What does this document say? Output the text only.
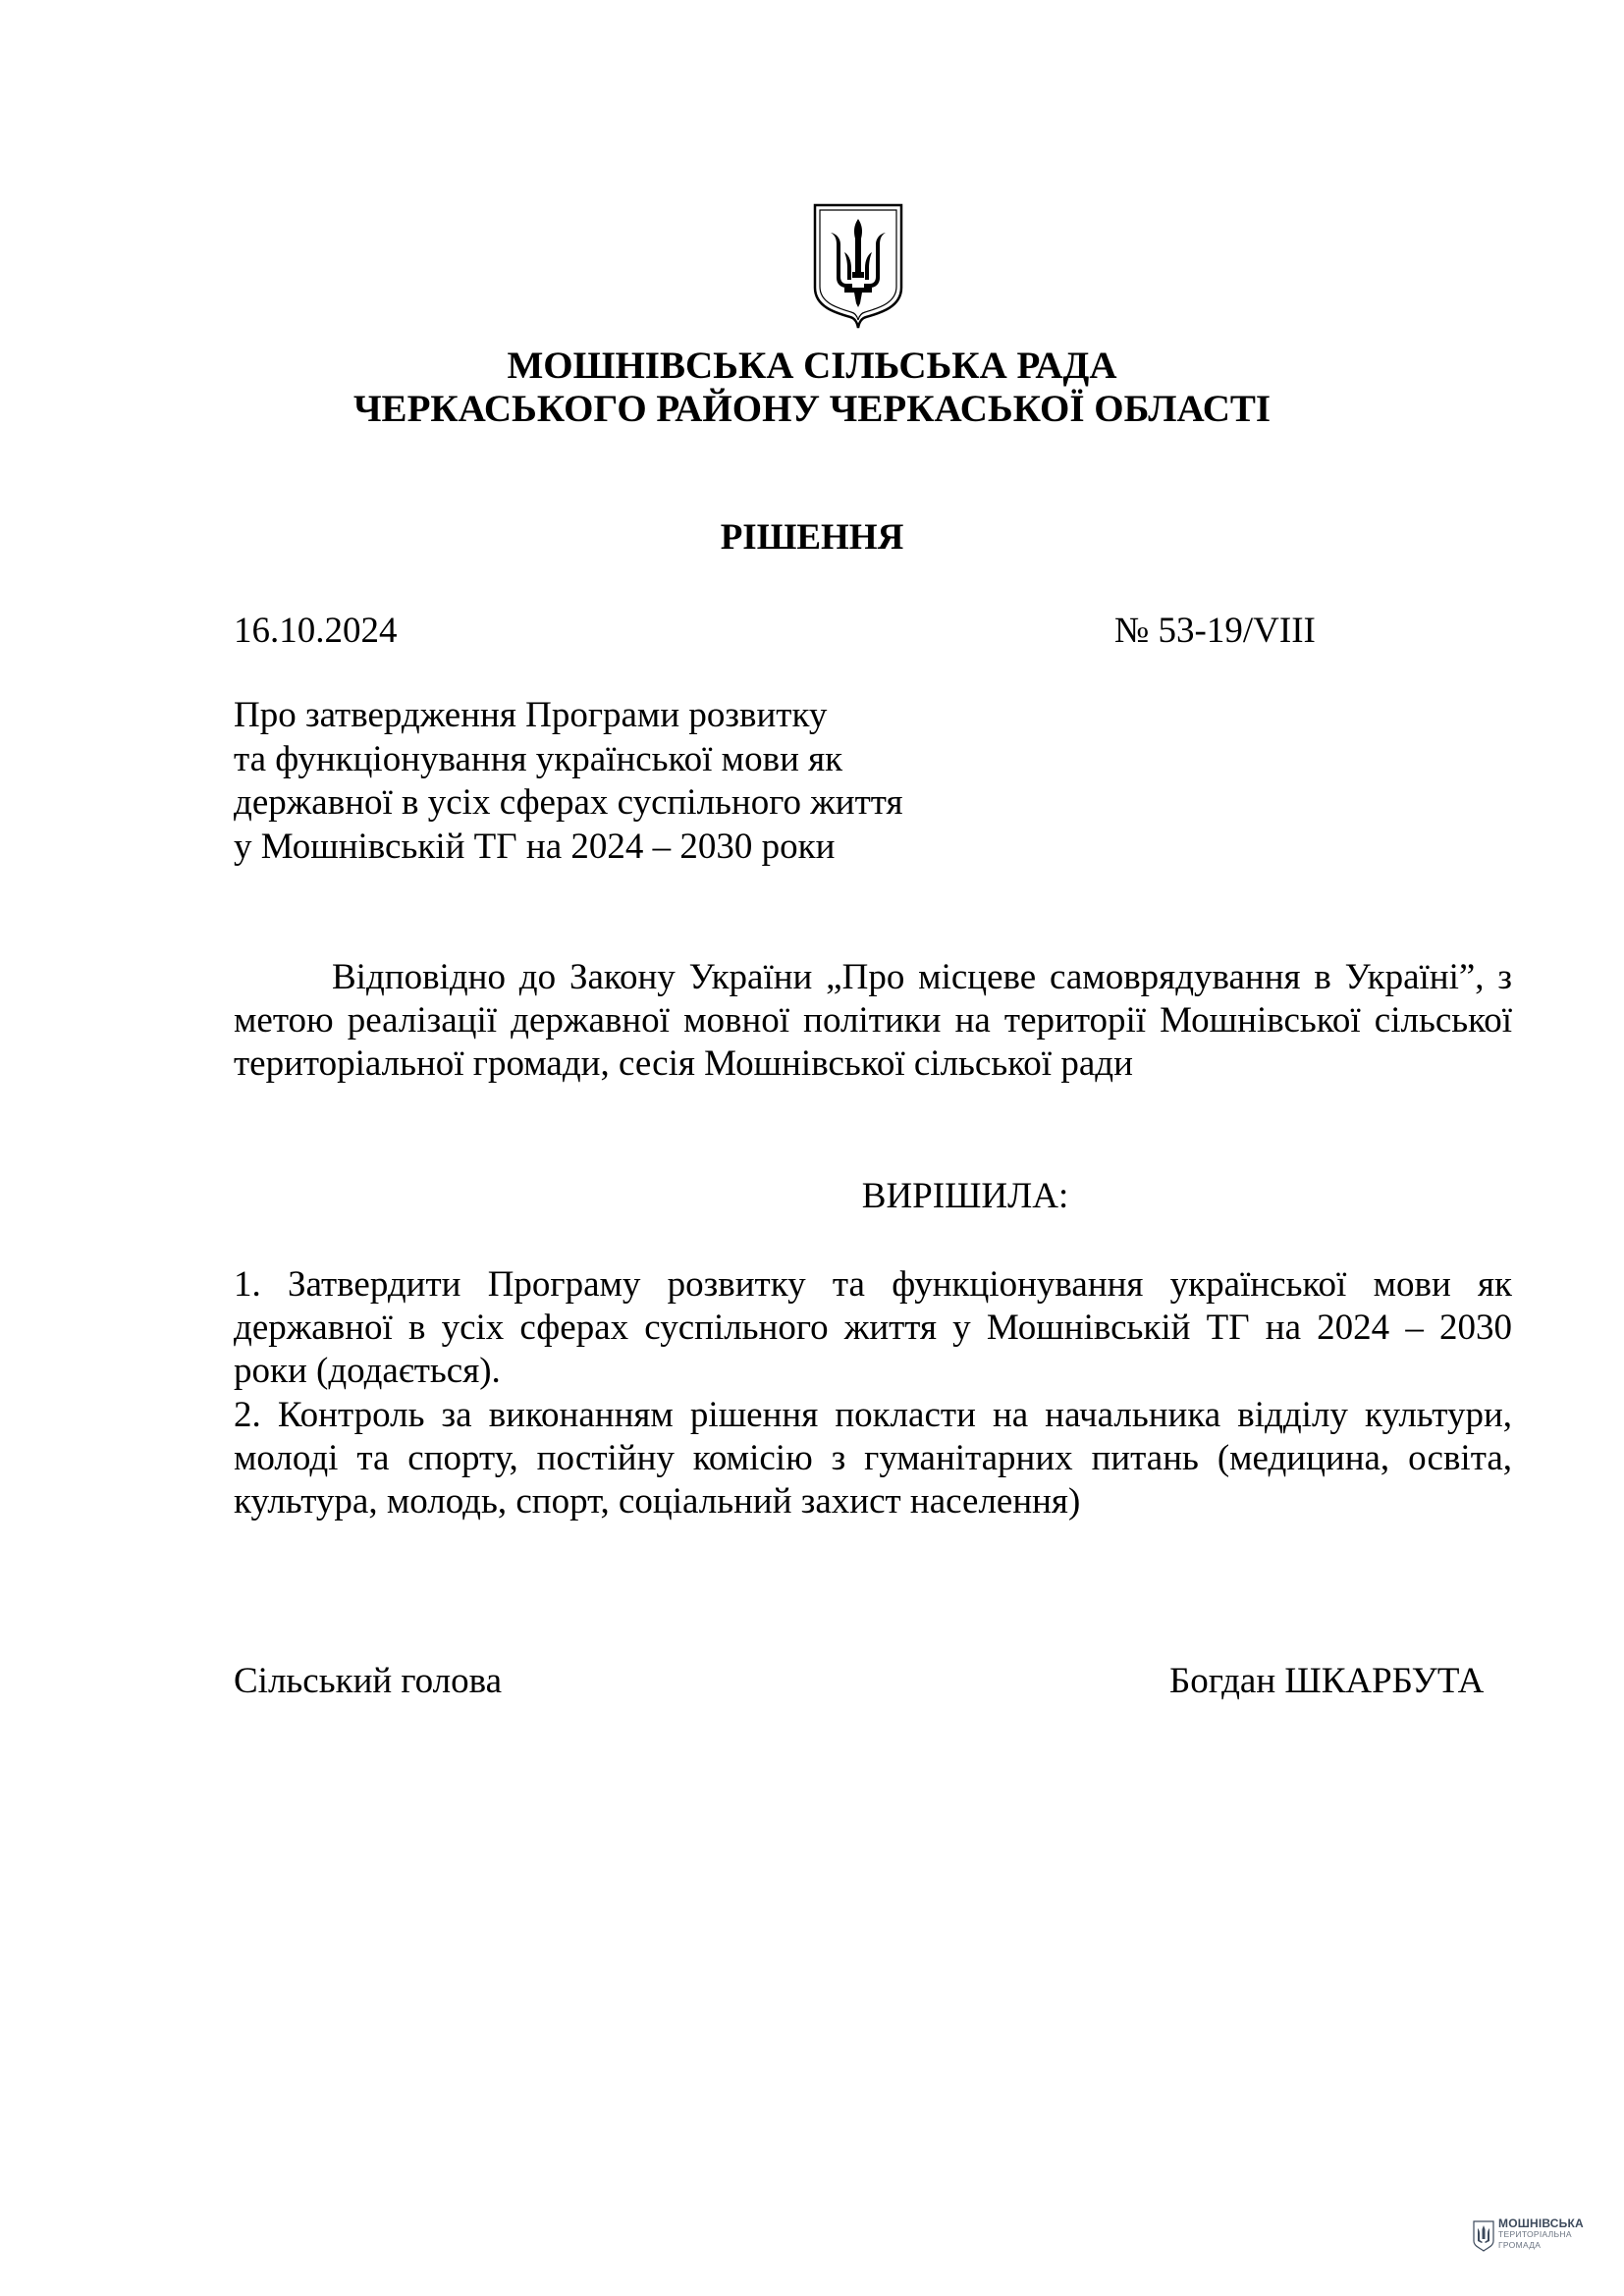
МОШНІВСЬКА СІЛЬСЬКА РАДА
ЧЕРКАСЬКОГО РАЙОНУ ЧЕРКАСЬКОЇ ОБЛАСТІ
РІШЕННЯ
16.10.2024	№ 53-19/VIII
Про затвердження Програми розвитку
та функціонування української мови як
державної в усіх сферах суспільного життя
у Мошнівській ТГ на 2024 – 2030 роки
Відповідно до Закону України „Про місцеве самоврядування в Україні”, з метою реалізації державної мовної політики на території Мошнівської сільської територіальної громади, сесія Мошнівської сільської ради
ВИРІШИЛА:
1. Затвердити Програму розвитку та функціонування української мови як державної в усіх сферах суспільного життя у Мошнівській ТГ на 2024 – 2030 роки (додається).
2. Контроль за виконанням рішення покласти на начальника відділу культури, молоді та спорту, постійну комісію з гуманітарних питань (медицина, освіта, культура, молодь, спорт, соціальний захист населення)
Сільський голова	Богдан ШКАРБУТА
МОШНІВСЬКА
ТЕРИТОРІАЛЬНА
ГРОМАДА
